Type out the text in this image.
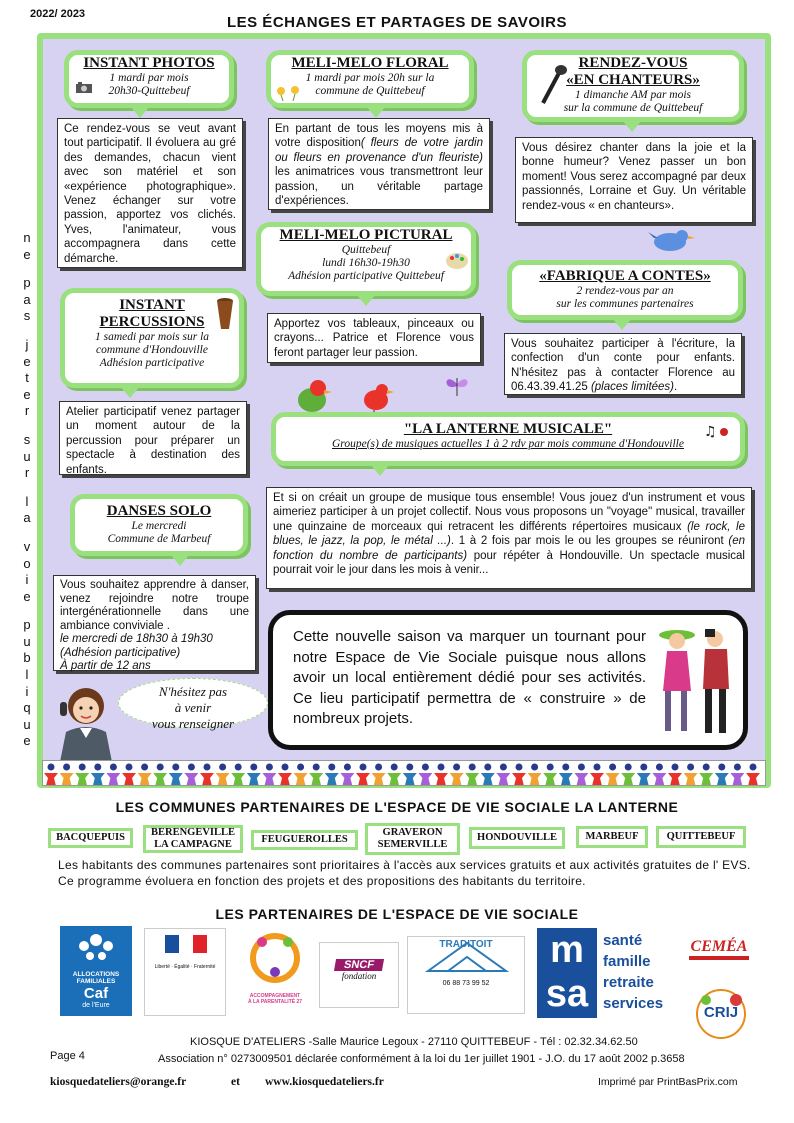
2022/ 2023	LES ÉCHANGES ET PARTAGES DE SAVOIRS
n
e
p
a
s
j
e
t
e
r
s
u
r
l
a
v
o
i
e
p
u
b
l
i
q
u
e
INSTANT PHOTOS
1 mardi par mois
20h30-Quittebeuf
Ce rendez-vous se veut avant tout participatif. Il évoluera au gré des demandes, chacun vient avec son matériel et son «expérience photographique». Venez échanger sur votre passion, apportez vos clichés. Yves, l'animateur, vous accompagnera dans cette démarche.
MELI-MELO FLORAL
1 mardi par mois 20h sur la
commune de Quittebeuf
En partant de tous les moyens mis à votre disposition( fleurs de votre jardin ou fleurs en provenance d'un fleuriste) les animatrices vous transmettront leur passion, un véritable partage d'expériences.
RENDEZ-VOUS
«EN CHANTEURS»
1 dimanche AM par mois
sur la commune de Quittebeuf
Vous désirez chanter dans la joie et la bonne humeur? Venez passer un bon moment! Vous serez accompagné par deux passionnés, Lorraine et Guy. Un véritable rendez-vous « en chanteurs».
MELI-MELO PICTURAL
Quittebeuf
lundi 16h30-19h30
Adhésion participative Quittebeuf
Apportez vos tableaux, pinceaux ou crayons... Patrice et Florence vous feront partager leur passion.
INSTANT
PERCUSSIONS
1 samedi par mois sur la
commune d'Hondouville
Adhésion participative
Atelier participatif venez partager un moment autour de la percussion pour préparer un spectacle à destination des enfants.
«FABRIQUE A CONTES»
2 rendez-vous par an
sur les communes partenaires
Vous souhaitez participer à l'écriture, la confection d'un conte pour enfants. N'hésitez pas à contacter Florence au 06.43.39.41.25 (places limitées).
"LA LANTERNE MUSICALE"
Groupe(s) de musiques actuelles 1 à 2 rdv par mois commune d'Hondouville
♫
Et si on créait un groupe de musique tous ensemble! Vous jouez d'un instrument et vous aimeriez participer à un projet collectif. Nous vous proposons un "voyage" musical, travailler une quinzaine de morceaux qui retracent les différents répertoires musicaux (le rock, le blues, le jazz, la pop, le métal ...). 1 à 2 fois par mois le ou les groupes se réuniront (en fonction du nombre de participants) pour répéter à Hondouville. Un spectacle musical pourrait voir le jour dans les mois à venir...
DANSES SOLO
Le mercredi
Commune de Marbeuf
Vous souhaitez apprendre à danser, venez rejoindre notre troupe intergénérationnelle dans une ambiance conviviale .
le mercredi de 18h30 à 19h30
(Adhésion participative)
À partir de 12 ans
N'hésitez pas
à venir
vous renseigner
Cette nouvelle saison va marquer un tournant pour notre Espace de Vie Sociale puisque nous allons avoir un local entièrement dédié pour ses activités. Ce lieu participatif permettra de « construire » de nombreux projets.
LES COMMUNES PARTENAIRES DE L'ESPACE DE VIE SOCIALE LA LANTERNE
BACQUEPUIS BERENGEVILLE
LA CAMPAGNE	FEUGUEROLLES
GRAVERON
SEMERVILLE
HONDOUVILLE	MARBEUF	QUITTEBEUF
Les habitants des communes partenaires sont prioritaires à l'accès aux services gratuits et aux activités gratuites de l' EVS. Ce programme évoluera en fonction des projets et des propositions des habitants du territoire.
LES PARTENAIRES DE L'ESPACE DE VIE SOCIALE
ALLOCATIONS
FAMILIALES
Caf
de l'Eure
Liberté · Égalité · Fraternité
ACCOMPAGNEMENT
À LA PARENTALITÉ 27
SNCF
fondation
TRADITOIT
06 88 73 99 52
m
sa
santé
famille
retraite
services
CEMÉA
CRIJ
KIOSQUE D'ATELIERS -Salle Maurice Legoux - 27110 QUITTEBEUF - Tél : 02.32.34.62.50
Page 4	Association n° 0273009501 déclarée conformément à la loi du 1er juillet 1901 - J.O. du 17 août 2002 p.3658
kiosquedateliers@orange.fr	et www.kiosquedateliers.fr	Imprimé par PrintBasPrix.com
